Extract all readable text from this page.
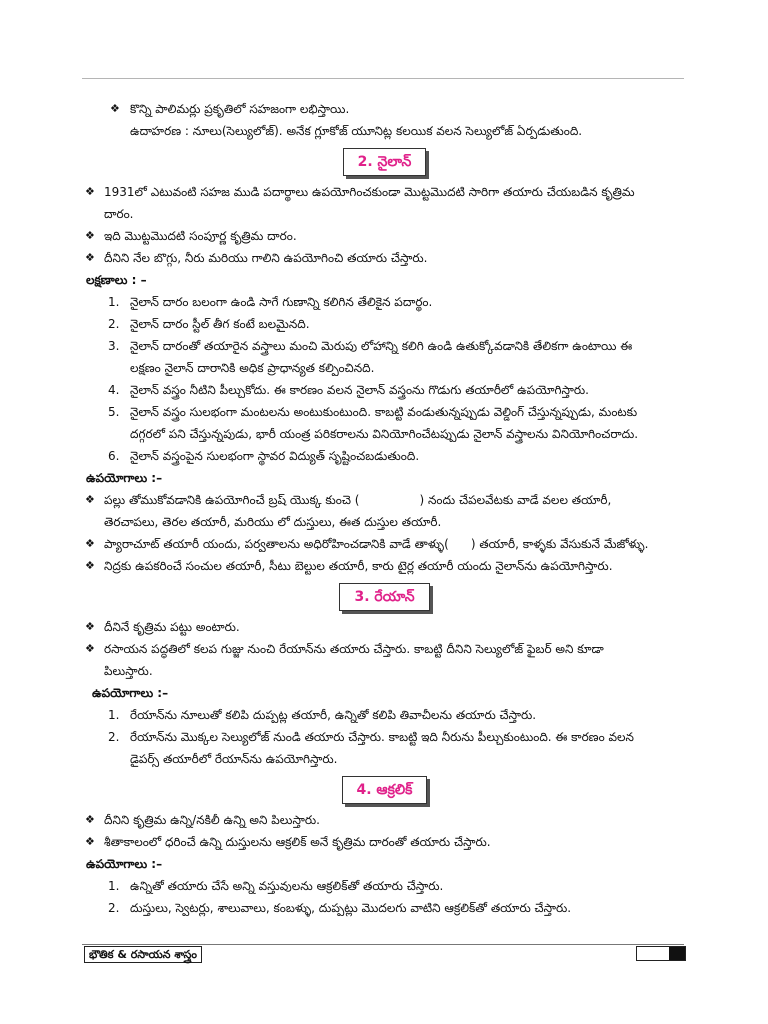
❖ కొన్ని పాలిమర్లు ప్రకృతిలో సహజంగా లభిస్తాయి.
ఉదాహరణ : నూలు(సెల్యులోజ్). అనేక గ్లూకోజ్ యూనిట్ల కలయిక వలన సెల్యులోజ్ ఏర్పడుతుంది.
2. నైలాన్
❖ 1931లో ఎటువంటి సహజ ముడి పదార్థాలు ఉపయోగించకుండా మొట్టమొదటి సారిగా తయారు చేయబడిన కృత్రిమ
దారం.
❖ ఇది మొట్టమొదటి సంపూర్ణ కృత్రిమ దారం.
❖ దీనిని నేల బొగ్గు, నీరు మరియు గాలిని ఉపయోగించి తయారు చేస్తారు.
లక్షణాలు : –
1. నైలాన్ దారం బలంగా ఉండి సాగే గుణాన్ని కలిగిన తేలికైన పదార్థం.
2. నైలాన్ దారం స్టీల్ తీగ కంటే బలమైనది.
3. నైలాన్ దారంతో తయారైన వస్త్రాలు మంచి మెరుపు లోహాన్ని కలిగి ఉండి ఉతుక్కోవడానికి తేలికగా ఉంటాయి ఈ
లక్షణం నైలాన్ దారానికి అధిక ప్రాధాన్యత కల్పించినది.
4. నైలాన్ వస్త్రం నీటిని పీల్చుకోదు. ఈ కారణం వలన నైలాన్ వస్త్రంను గొడుగు తయారీలో ఉపయోగిస్తారు.
5. నైలాన్ వస్త్రం సులభంగా మంటలను అంటుకుంటుంది. కాబట్టి వండుతున్నప్పుడు వెల్డింగ్ చేస్తున్నప్పుడు, మంటకు
దగ్గరలో పని చేస్తున్నపుడు, భారీ యంత్ర పరికరాలను వినియోగించేటప్పుడు నైలాన్ వస్త్రాలను వినియోగించరాదు.
6. నైలాన్ వస్త్రంపైన సులభంగా స్థావర విద్యుత్ సృష్టించబడుతుంది.
ఉపయోగాలు :–
❖ పల్లు తోముకోవడానికి ఉపయోగించే బ్రష్ యొక్క కుంచె (	) నందు చేపలవేటకు వాడే వలల తయారీ,
తెరచాపలు, తెరల తయారీ, మరియు లో దుస్తులు, ఈత దుస్తుల తయారీ.
❖ ప్యారాచూట్ తయారీ యందు, పర్వతాలను అధిరోహించడానికి వాడే తాళ్ళు( ) తయారీ, కాళ్ళకు వేసుకునే మేజోళ్ళు.
❖ నిద్రకు ఉపకరించే సంచుల తయారీ, సీటు బెల్టుల తయారీ, కారు టైర్ల తయారీ యందు నైలాన్‌ను ఉపయోగిస్తారు.
3. రేయాన్
❖ దీనినే కృత్రిమ పట్టు అంటారు.
❖ రసాయన పద్ధతిలో కలప గుజ్జు నుంచి రేయాన్‌ను తయారు చేస్తారు. కాబట్టి దీనిని సెల్యులోజ్ ఫైబర్ అని కూడా
పిలుస్తారు.
ఉపయోగాలు :–
1. రేయాన్‌ను నూలుతో కలిపి దుప్పట్ల తయారీ, ఉన్నితో కలిపి తివాచీలను తయారు చేస్తారు.
2. రేయాన్‌ను మొక్కల సెల్యులోజ్ నుండి తయారు చేస్తారు. కాబట్టి ఇది నీరును పీల్చుకుంటుంది. ఈ కారణం వలన
డైపర్స్ తయారీలో రేయాన్‌ను ఉపయోగిస్తారు.
4. ఆక్రలిక్
❖ దీనిని కృత్రిమ ఉన్ని/నకిలీ ఉన్ని అని పిలుస్తారు.
❖ శీతాకాలంలో ధరించే ఉన్ని దుస్తులను ఆక్రలిక్ అనే కృత్రిమ దారంతో తయారు చేస్తారు.
ఉపయోగాలు :–
1. ఉన్నితో తయారు చేసే అన్ని వస్తువులను ఆక్రలిక్‌తో తయారు చేస్తారు.
2. దుస్తులు, స్వెటర్లు, శాలువాలు, కంబళ్ళు, దుప్పట్లు మొదలగు వాటిని ఆక్రలిక్‌తో తయారు చేస్తారు.
భౌతిక & రసాయన శాస్త్రం
